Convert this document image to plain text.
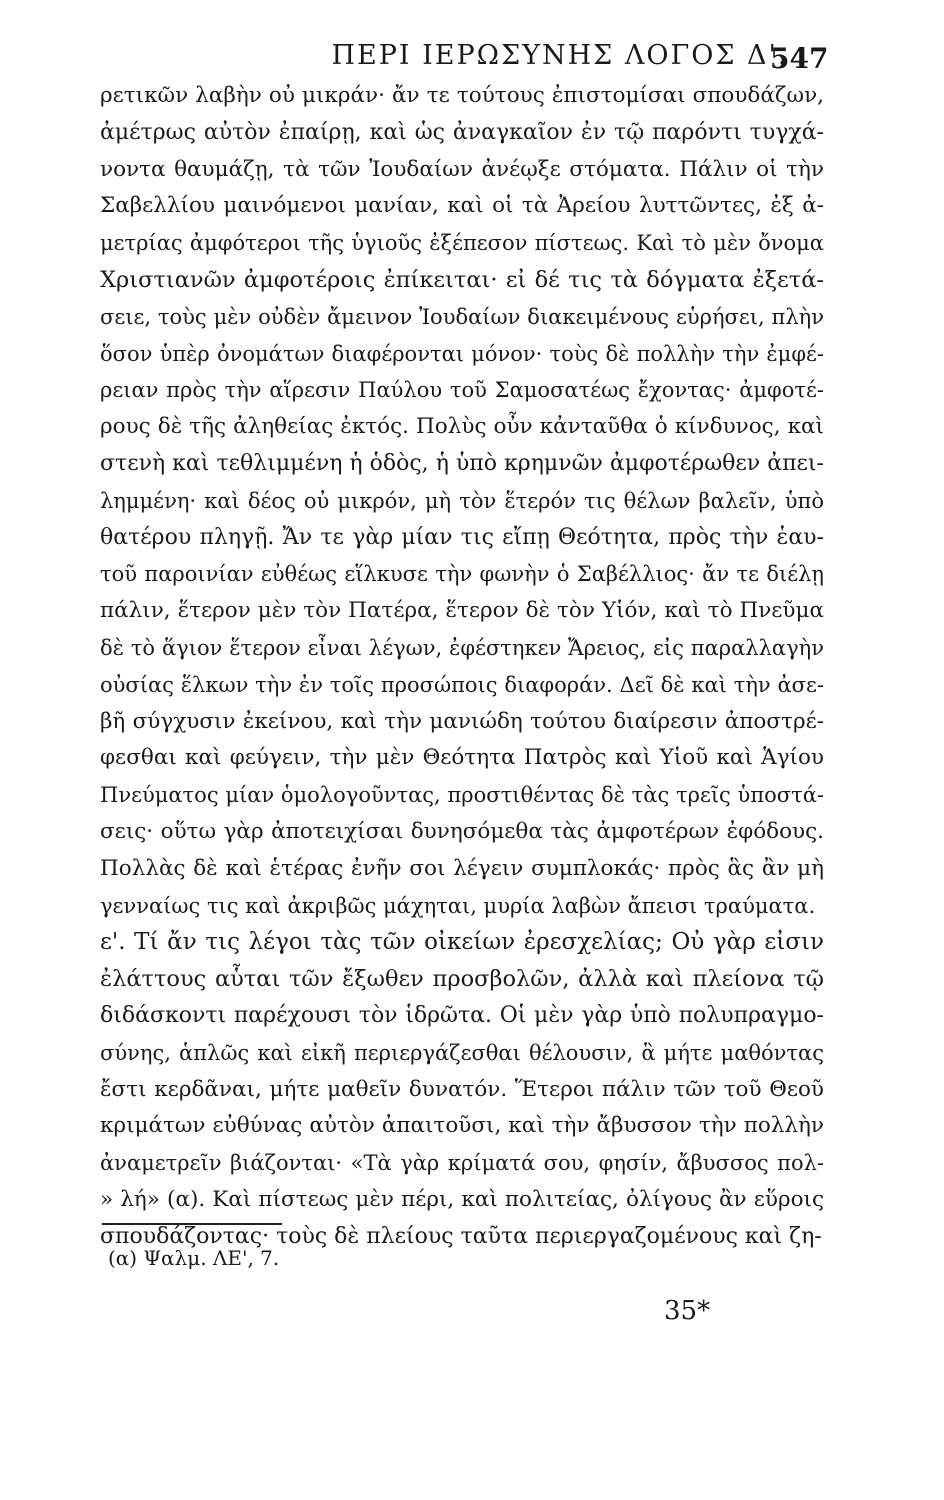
ΠΕΡΙ ΙΕΡΩΣΥΝΗΣ ΛΟΓΟΣ Δ'.
547
ρετικῶν λαβὴν οὐ μικράν· ἄν τε τούτους ἐπιστομίσαι σπουδάζων,
ἀμέτρως αὐτὸν ἐπαίρῃ, καὶ ὡς ἀναγκαῖον ἐν τῷ παρόντι τυγχά-
νοντα θαυμάζῃ, τὰ τῶν Ἰουδαίων ἀνέῳξε στόματα. Πάλιν οἱ τὴν
Σαβελλίου μαινόμενοι μανίαν, καὶ οἱ τὰ Ἀρείου λυττῶντες, ἐξ ἀ-
μετρίας ἀμφότεροι τῆς ὑγιοῦς ἐξέπεσον πίστεως. Καὶ τὸ μὲν ὄνομα
Χριστιανῶν ἀμφοτέροις ἐπίκειται· εἰ δέ τις τὰ δόγματα ἐξετά-
σειε, τοὺς μὲν οὐδὲν ἄμεινον Ἰουδαίων διακειμένους εὑρήσει, πλὴν
ὅσον ὑπὲρ ὀνομάτων διαφέρονται μόνον· τοὺς δὲ πολλὴν τὴν ἐμφέ-
ρειαν πρὸς τὴν αἵρεσιν Παύλου τοῦ Σαμοσατέως ἔχοντας· ἀμφοτέ-
ρους δὲ τῆς ἀληθείας ἐκτός. Πολὺς οὖν κἀνταῦθα ὁ κίνδυνος, καὶ
στενὴ καὶ τεθλιμμένη ἡ ὁδὸς, ἡ ὑπὸ κρημνῶν ἀμφοτέρωθεν ἀπει-
λημμένη· καὶ δέος οὐ μικρόν, μὴ τὸν ἕτερόν τις θέλων βαλεῖν, ὑπὸ
θατέρου πληγῇ. Ἄν τε γὰρ μίαν τις εἴπῃ Θεότητα, πρὸς τὴν ἑαυ-
τοῦ παροινίαν εὐθέως εἵλκυσε τὴν φωνὴν ὁ Σαβέλλιος· ἄν τε διέλῃ
πάλιν, ἕτερον μὲν τὸν Πατέρα, ἕτερον δὲ τὸν Υἱόν, καὶ τὸ Πνεῦμα
δὲ τὸ ἅγιον ἕτερον εἶναι λέγων, ἐφέστηκεν Ἄρειος, εἰς παραλλαγὴν
οὐσίας ἕλκων τὴν ἐν τοῖς προσώποις διαφοράν. Δεῖ δὲ καὶ τὴν ἀσε-
βῆ σύγχυσιν ἐκείνου, καὶ τὴν μανιώδη τούτου διαίρεσιν ἀποστρέ-
φεσθαι καὶ φεύγειν, τὴν μὲν Θεότητα Πατρὸς καὶ Υἱοῦ καὶ Ἁγίου
Πνεύματος μίαν ὁμολογοῦντας, προστιθέντας δὲ τὰς τρεῖς ὑποστά-
σεις· οὕτω γὰρ ἀποτειχίσαι δυνησόμεθα τὰς ἀμφοτέρων ἐφόδους.
Πολλὰς δὲ καὶ ἑτέρας ἐνῆν σοι λέγειν συμπλοκάς· πρὸς ἃς ἂν μὴ
γενναίως τις καὶ ἀκριβῶς μάχηται, μυρία λαβὼν ἄπεισι τραύματα.
ε'. Τί ἄν τις λέγοι τὰς τῶν οἰκείων ἐρεσχελίας; Οὐ γὰρ εἰσιν
ἐλάττους αὗται τῶν ἔξωθεν προσβολῶν, ἀλλὰ καὶ πλείονα τῷ
διδάσκοντι παρέχουσι τὸν ἱδρῶτα. Οἱ μὲν γὰρ ὑπὸ πολυπραγμο-
σύνης, ἁπλῶς καὶ εἰκῆ περιεργάζεσθαι θέλουσιν, ἃ μήτε μαθόντας
ἔστι κερδᾶναι, μήτε μαθεῖν δυνατόν. Ἕτεροι πάλιν τῶν τοῦ Θεοῦ
κριμάτων εὐθύνας αὐτὸν ἀπαιτοῦσι, καὶ τὴν ἄβυσσον τὴν πολλὴν
ἀναμετρεῖν βιάζονται· «Τὰ γὰρ κρίματά σου, φησίν, ἄβυσσος πολ-
» λή» (α). Καὶ πίστεως μὲν πέρι, καὶ πολιτείας, ὀλίγους ἂν εὕροις
σπουδάζοντας· τοὺς δὲ πλείους ταῦτα περιεργαζομένους καὶ ζη-
(α) Ψαλμ. ΛΕ', 7.
35*
